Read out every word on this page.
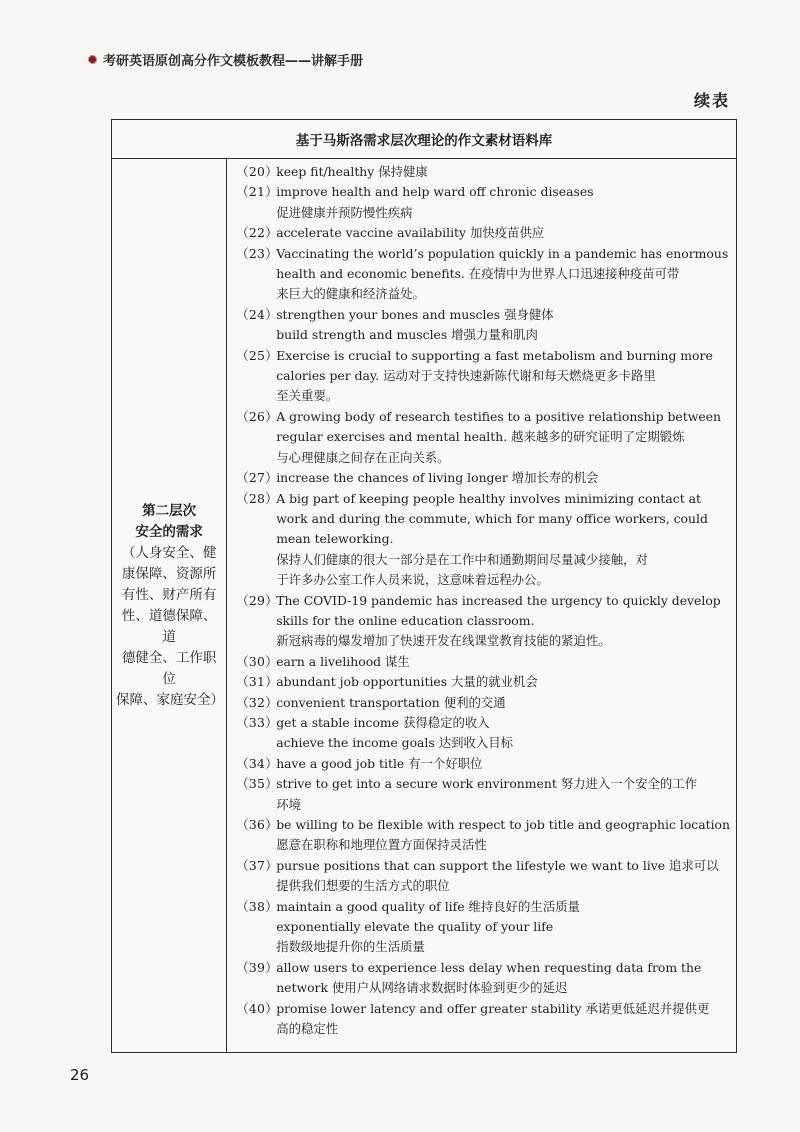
考研英语原创高分作文模板教程——讲解手册
续表
基于马斯洛需求层次理论的作文素材语料库
第二层次
安全的需求
（人身安全、健
康保障、资源所
有性、财产所有
性、道德保障、道
德健全、工作职位
保障、家庭安全）
（20）
keep fit/healthy 保持健康
（21）
improve health and help ward off chronic diseases
促进健康并预防慢性疾病
（22）
accelerate vaccine availability 加快疫苗供应
（23）
Vaccinating the world’s population quickly in a pandemic has enormous
health and economic benefits. 在疫情中为世界人口迅速接种疫苗可带
来巨大的健康和经济益处。
（24）
strengthen your bones and muscles 强身健体
build strength and muscles 增强力量和肌肉
（25）
Exercise is crucial to supporting a fast metabolism and burning more
calories per day. 运动对于支持快速新陈代谢和每天燃烧更多卡路里
至关重要。
（26）
A growing body of research testifies to a positive relationship between
regular exercises and mental health. 越来越多的研究证明了定期锻炼
与心理健康之间存在正向关系。
（27）
increase the chances of living longer 增加长寿的机会
（28）
A big part of keeping people healthy involves minimizing contact at
work and during the commute, which for many office workers, could
mean teleworking.
保持人们健康的很大一部分是在工作中和通勤期间尽量减少接触，对
于许多办公室工作人员来说，这意味着远程办公。
（29）
The COVID-19 pandemic has increased the urgency to quickly develop
skills for the online education classroom.
新冠病毒的爆发增加了快速开发在线课堂教育技能的紧迫性。
（30）
earn a livelihood 谋生
（31）
abundant job opportunities 大量的就业机会
（32）
convenient transportation 便利的交通
（33）
get a stable income 获得稳定的收入
achieve the income goals 达到收入目标
（34）
have a good job title 有一个好职位
（35）
strive to get into a secure work environment 努力进入一个安全的工作
环境
（36）
be willing to be flexible with respect to job title and geographic location
愿意在职称和地理位置方面保持灵活性
（37）
pursue positions that can support the lifestyle we want to live 追求可以
提供我们想要的生活方式的职位
（38）
maintain a good quality of life 维持良好的生活质量
exponentially elevate the quality of your life
指数级地提升你的生活质量
（39）
allow users to experience less delay when requesting data from the
network 使用户从网络请求数据时体验到更少的延迟
（40）
promise lower latency and offer greater stability 承诺更低延迟并提供更
高的稳定性
26
